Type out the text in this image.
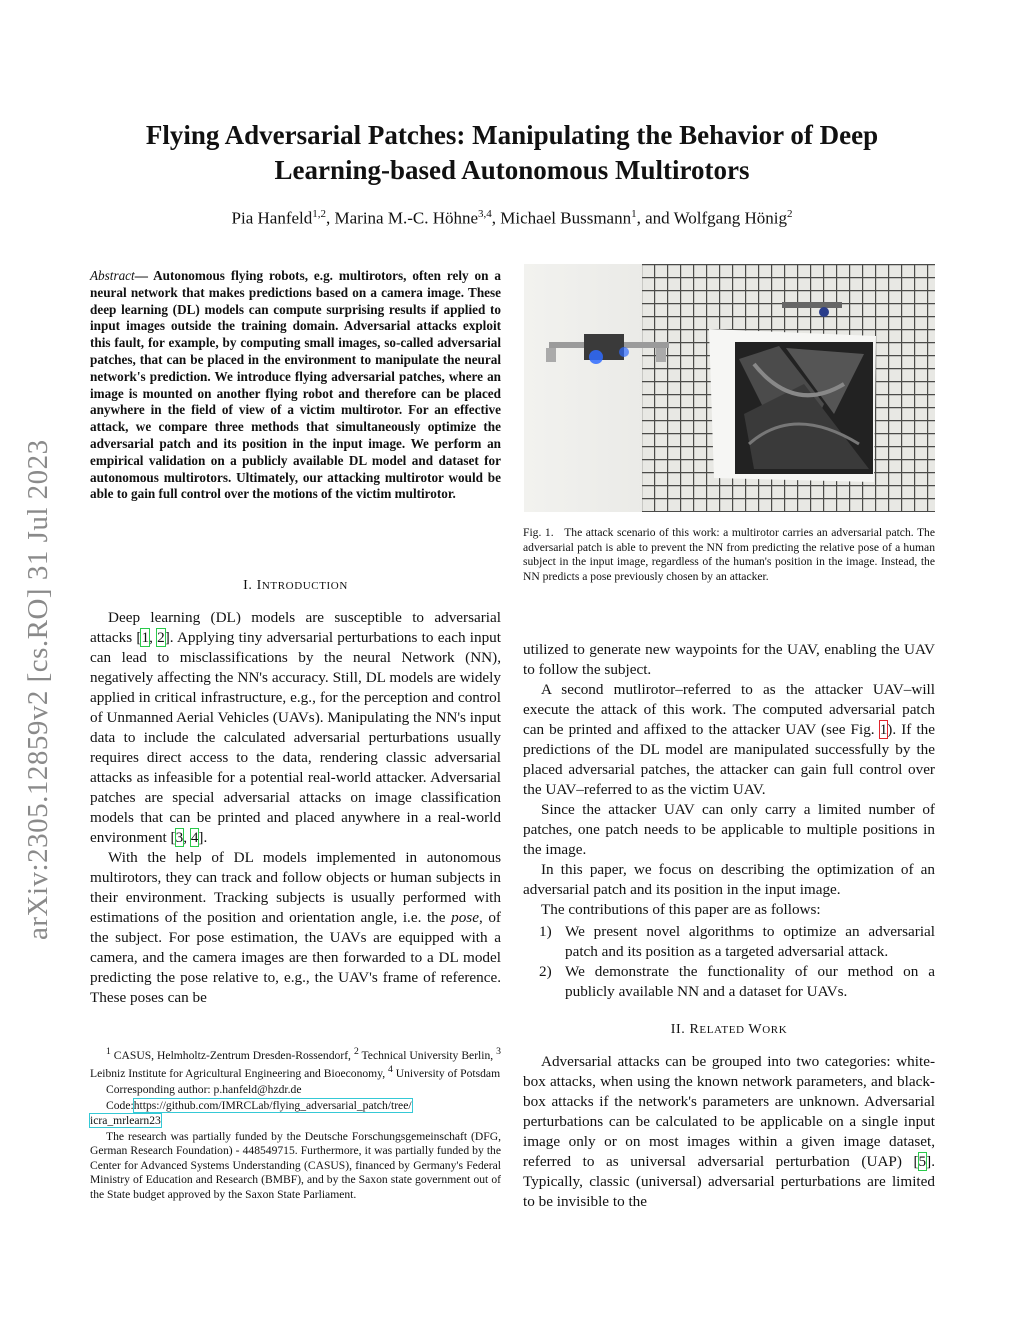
arXiv:2305.12859v2 [cs.RO] 31 Jul 2023
Flying Adversarial Patches: Manipulating the Behavior of Deep Learning-based Autonomous Multirotors
Pia Hanfeld$^{1,2}$, Marina M.-C. Höhne$^{3,4}$, Michael Bussmann$^1$, and Wolfgang Hönig$^2$
Abstract— Autonomous flying robots, e.g. multirotors, often rely on a neural network that makes predictions based on a camera image. These deep learning (DL) models can compute surprising results if applied to input images outside the training domain. Adversarial attacks exploit this fault, for example, by computing small images, so-called adversarial patches, that can be placed in the environment to manipulate the neural network's prediction. We introduce flying adversarial patches, where an image is mounted on another flying robot and therefore can be placed anywhere in the field of view of a victim multirotor. For an effective attack, we compare three methods that simultaneously optimize the adversarial patch and its position in the input image. We perform an empirical validation on a publicly available DL model and dataset for autonomous multirotors. Ultimately, our attacking multirotor would be able to gain full control over the motions of the victim multirotor.
I. INTRODUCTION

Deep learning (DL) models are susceptible to adversarial attacks [1, 2]. Applying tiny adversarial perturbations to each input can lead to misclassifications by the neural Network (NN), negatively affecting the NN's accuracy. Still, DL models are widely applied in critical infrastructure, e.g., for the perception and control of Unmanned Aerial Vehicles (UAVs). Manipulating the NN's input data to include the calculated adversarial perturbations usually requires direct access to the data, rendering classic adversarial attacks as infeasible for a potential real-world attacker. Adversarial patches are special adversarial attacks on image classification models that can be printed and placed anywhere in a real-world environment [3, 4].

With the help of DL models implemented in autonomous multirotors, they can track and follow objects or human subjects in their environment. Tracking subjects is usually performed with estimations of the position and orientation angle, i.e. the pose, of the subject. For pose estimation, the UAVs are equipped with a camera, and the camera images are then forwarded to a DL model predicting the pose relative to, e.g., the UAV's frame of reference. These poses can be

$^1$ CASUS, Helmholtz-Zentrum Dresden-Rossendorf, $^2$ Technical University Berlin, $^3$ Leibniz Institute for Agricultural Engineering and Bioeconomy, $^4$ University of Potsdam

Corresponding author: p.hanfeld@hzdr.de

Code:https://github.com/IMRCLab/flying_adversarial_patch/tree/

icra_mrlearn23

The research was partially funded by the Deutsche Forschungsgemeinschaft (DFG, German Research Foundation) - 448549715. Furthermore, it was partially funded by the Center for Advanced Systems Understanding (CASUS), financed by Germany's Federal Ministry of Education and Research (BMBF), and by the Saxon state government out of the State budget approved by the Saxon State Parliament.

Fig. 1. The attack scenario of this work: a multirotor carries an adversarial patch. The adversarial patch is able to prevent the NN from predicting the relative pose of a human subject in the input image, regardless of the human's position in the image. Instead, the NN predicts a pose previously chosen by an attacker.

utilized to generate new waypoints for the UAV, enabling the UAV to follow the subject.

A second mutlirotor–referred to as the attacker UAV–will execute the attack of this work. The computed adversarial patch can be printed and affixed to the attacker UAV (see Fig. 1). If the predictions of the DL model are manipulated successfully by the placed adversarial patches, the attacker can gain full control over the UAV–referred to as the victim UAV.

Since the attacker UAV can only carry a limited number of patches, one patch needs to be applicable to multiple positions in the image.

In this paper, we focus on describing the optimization of an adversarial patch and its position in the input image.

The contributions of this paper are as follows:

1) We present novel algorithms to optimize an adversarial patch and its position as a targeted adversarial attack.
2) We demonstrate the functionality of our method on a publicly available NN and a dataset for UAVs.
II. RELATED WORK

Adversarial attacks can be grouped into two categories: white-box attacks, when using the known network parameters, and black-box attacks if the network's parameters are unknown. Adversarial perturbations can be calculated to be applicable on a single input image only or on most images within a given image dataset, referred to as universal adversarial perturbation (UAP) [5]. Typically, classic (universal) adversarial perturbations are limited to be invisible to the
